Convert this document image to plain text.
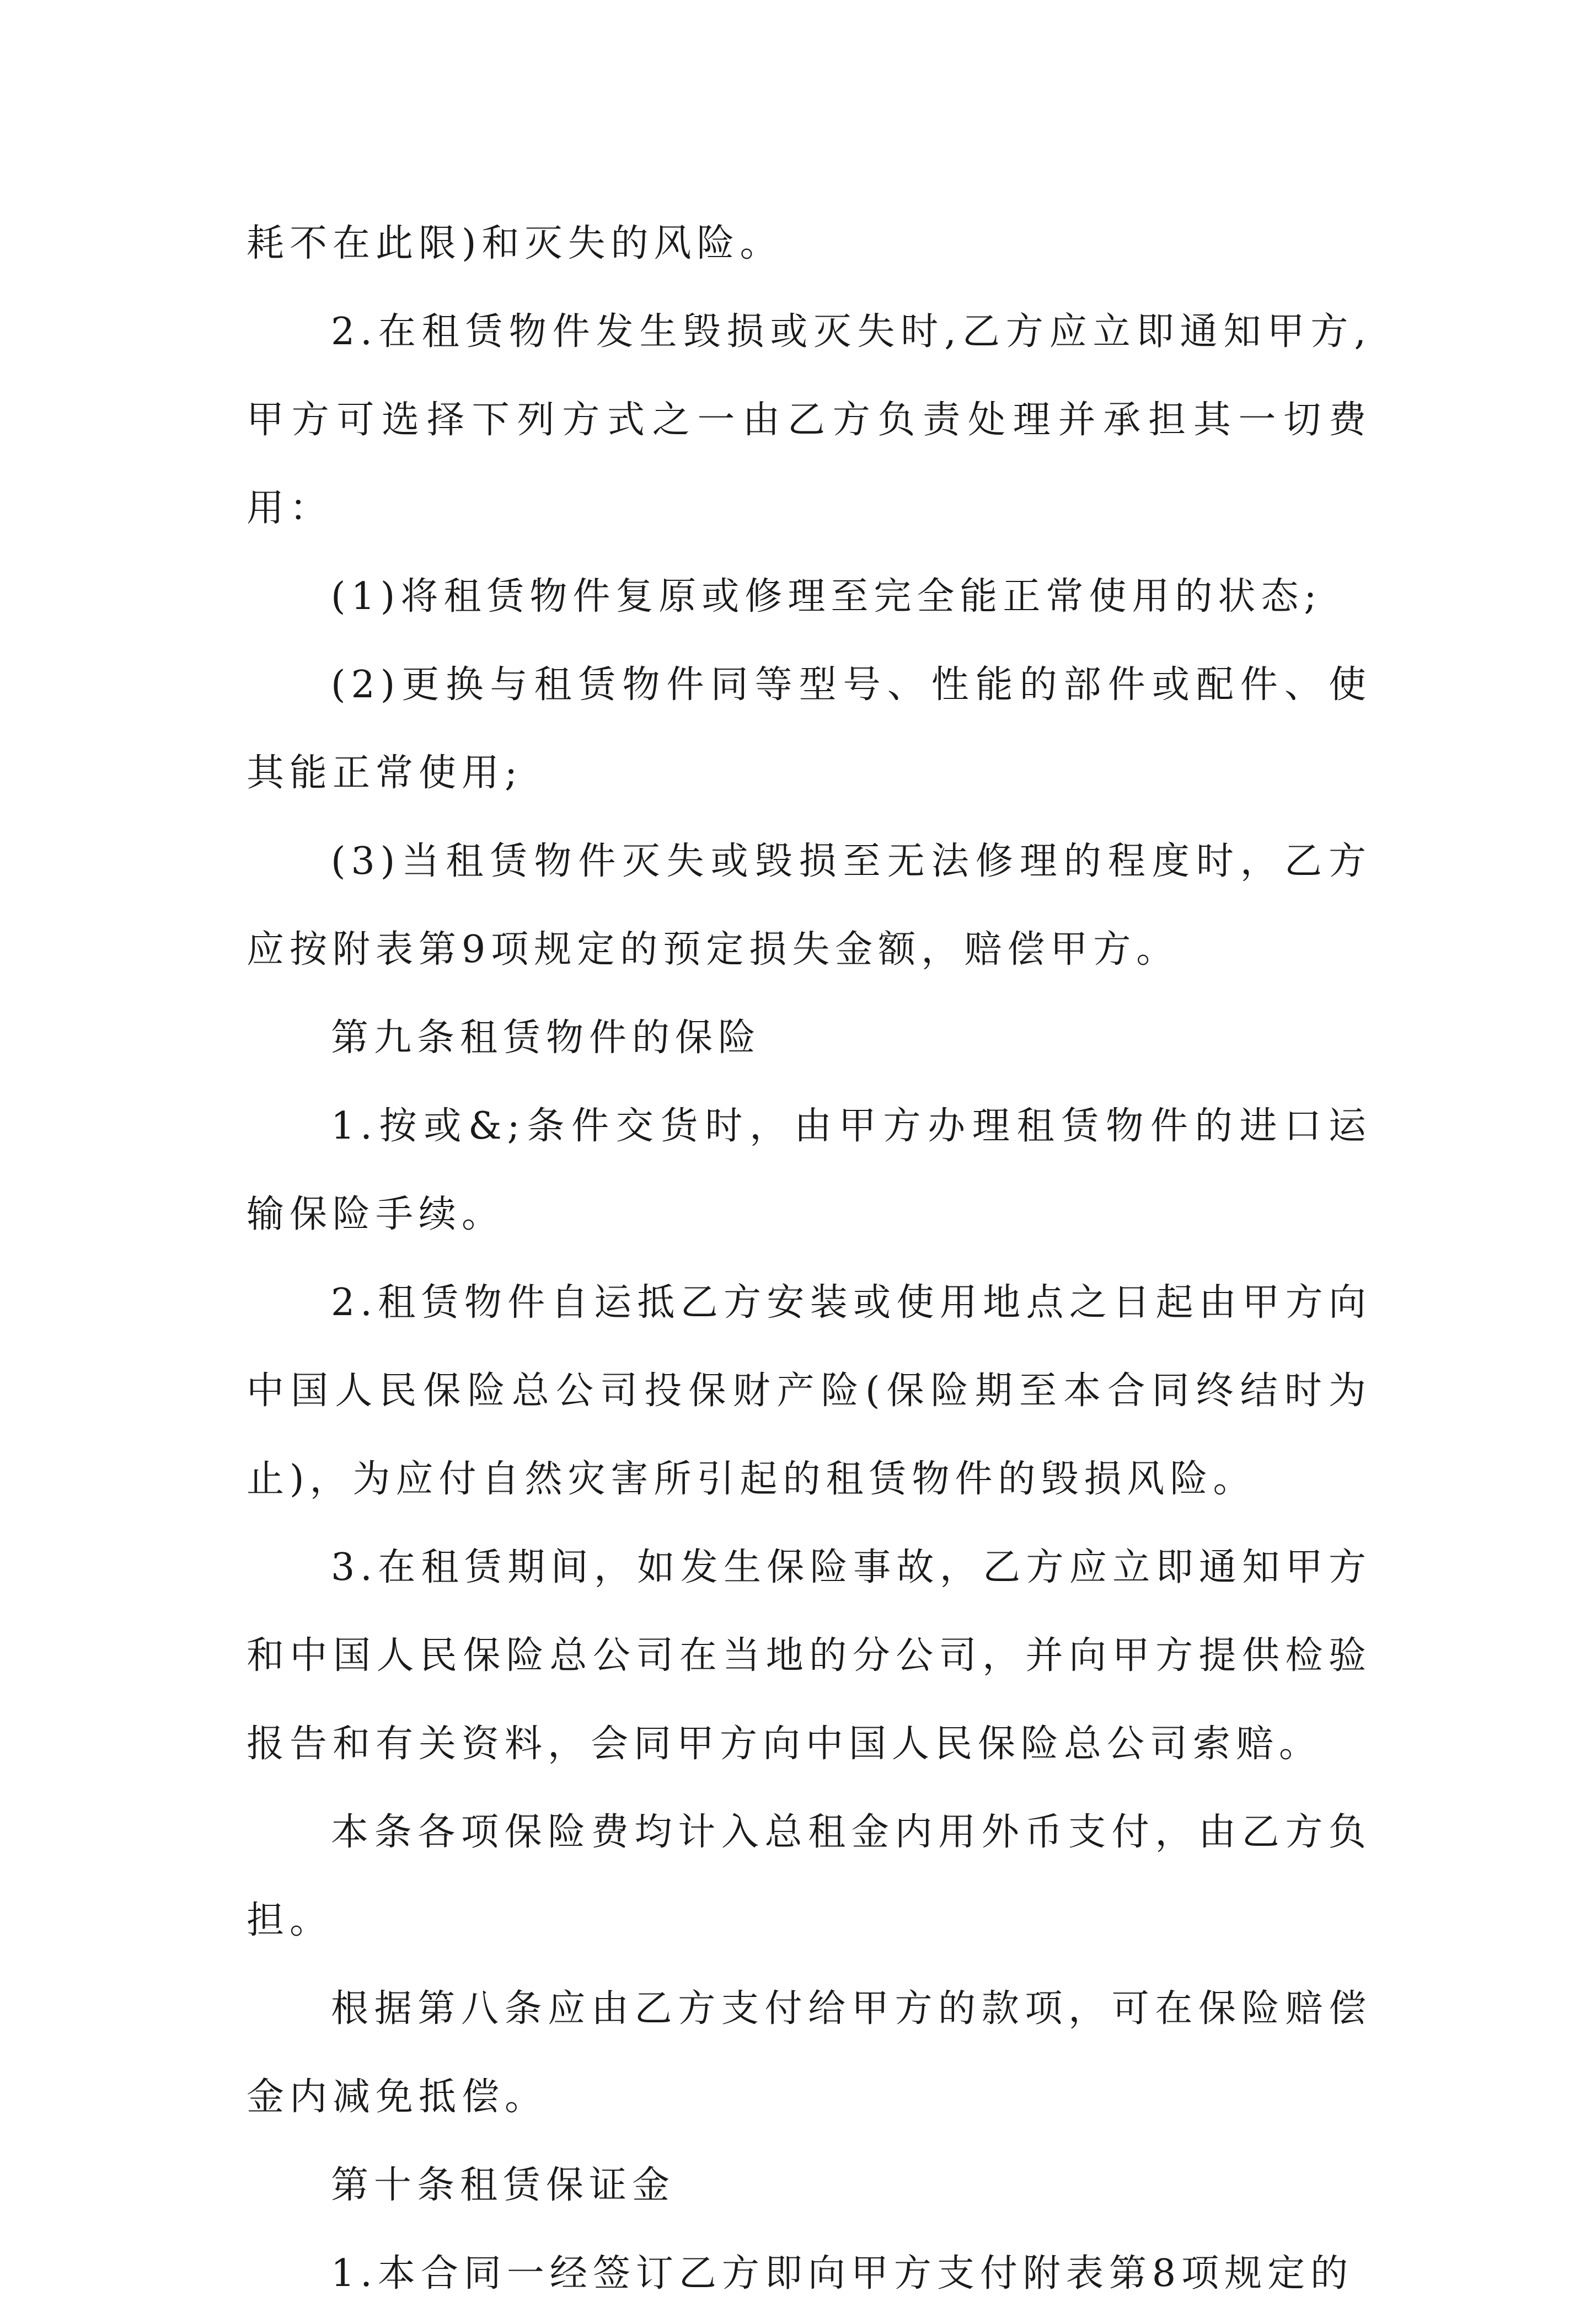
耗不在此限)和灭失的风险。

2.在租赁物件发生毁损或灭失时,乙方应立即通知甲方,甲方可选择下列方式之一由乙方负责处理并承担其一切费用：

(1)将租赁物件复原或修理至完全能正常使用的状态;

(2)更换与租赁物件同等型号、性能的部件或配件、使其能正常使用;

(3)当租赁物件灭失或毁损至无法修理的程度时，乙方应按附表第9项规定的预定损失金额，赔偿甲方。

第九条租赁物件的保险

1.按或&;条件交货时，由甲方办理租赁物件的进口运输保险手续。

2.租赁物件自运抵乙方安装或使用地点之日起由甲方向中国人民保险总公司投保财产险(保险期至本合同终结时为止)，为应付自然灾害所引起的租赁物件的毁损风险。

3.在租赁期间，如发生保险事故，乙方应立即通知甲方和中国人民保险总公司在当地的分公司，并向甲方提供检验报告和有关资料，会同甲方向中国人民保险总公司索赔。

本条各项保险费均计入总租金内用外币支付，由乙方负担。

根据第八条应由乙方支付给甲方的款项，可在保险赔偿金内减免抵偿。

第十条租赁保证金

1.本合同一经签订乙方即向甲方支付附表第8项规定的
